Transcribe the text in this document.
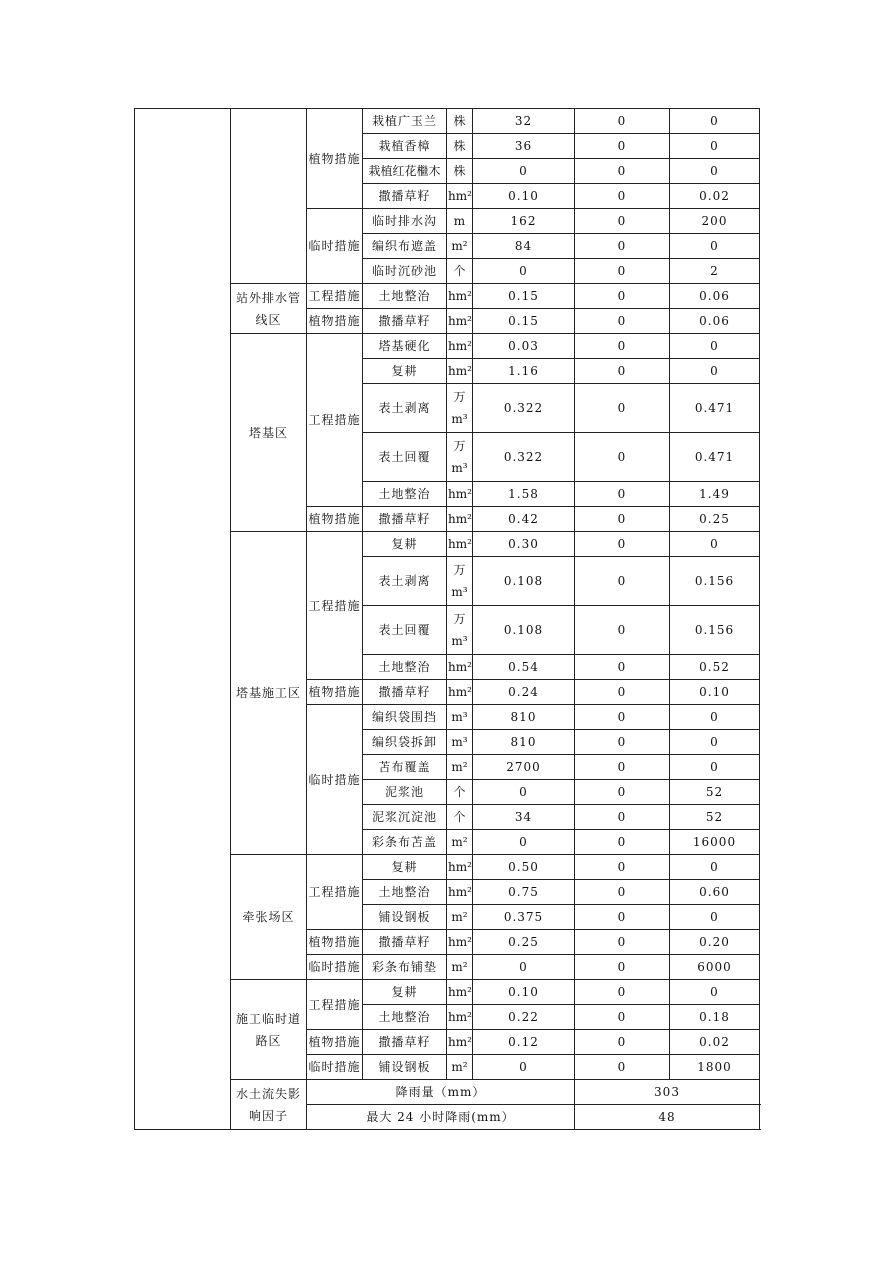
		植物措施	栽植广玉兰	株	32	0	0
			栽植香樟	株	36	0	0
			栽植红花檵木	株	0	0	0
			撒播草籽	hm²	0.10	0	0.02
		临时措施	临时排水沟	m	162	0	200
			编织布遮盖	m²	84	0	0
			临时沉砂池	个	0	0	2
	站外排水管线区	工程措施	土地整治	hm²	0.15	0	0.06
		植物措施	撒播草籽	hm²	0.15	0	0.06
	塔基区	工程措施	塔基硬化	hm²	0.03	0	0
			复耕	hm²	1.16	0	0
			表土剥离	万m³	0.322	0	0.471
			表土回覆	万m³	0.322	0	0.471
			土地整治	hm²	1.58	0	1.49
		植物措施	撒播草籽	hm²	0.42	0	0.25
	塔基施工区	工程措施	复耕	hm²	0.30	0	0
			表土剥离	万m³	0.108	0	0.156
			表土回覆	万m³	0.108	0	0.156
			土地整治	hm²	0.54	0	0.52
		植物措施	撒播草籽	hm²	0.24	0	0.10
		临时措施	编织袋围挡	m³	810	0	0
			编织袋拆卸	m³	810	0	0
			苫布覆盖	m²	2700	0	0
			泥浆池	个	0	0	52
			泥浆沉淀池	个	34	0	52
			彩条布苫盖	m²	0	0	16000
	牵张场区	工程措施	复耕	hm²	0.50	0	0
			土地整治	hm²	0.75	0	0.60
			铺设钢板	m²	0.375	0	0
		植物措施	撒播草籽	hm²	0.25	0	0.20
		临时措施	彩条布铺垫	m²	0	0	6000
	施工临时道路区	工程措施	复耕	hm²	0.10	0	0
			土地整治	hm²	0.22	0	0.18
		植物措施	撒播草籽	hm²	0.12	0	0.02
		临时措施	铺设钢板	m²	0	0	1800
	水土流失影响因子	降雨量（mm）				303	
		最大 24 小时降雨(mm）				48	
